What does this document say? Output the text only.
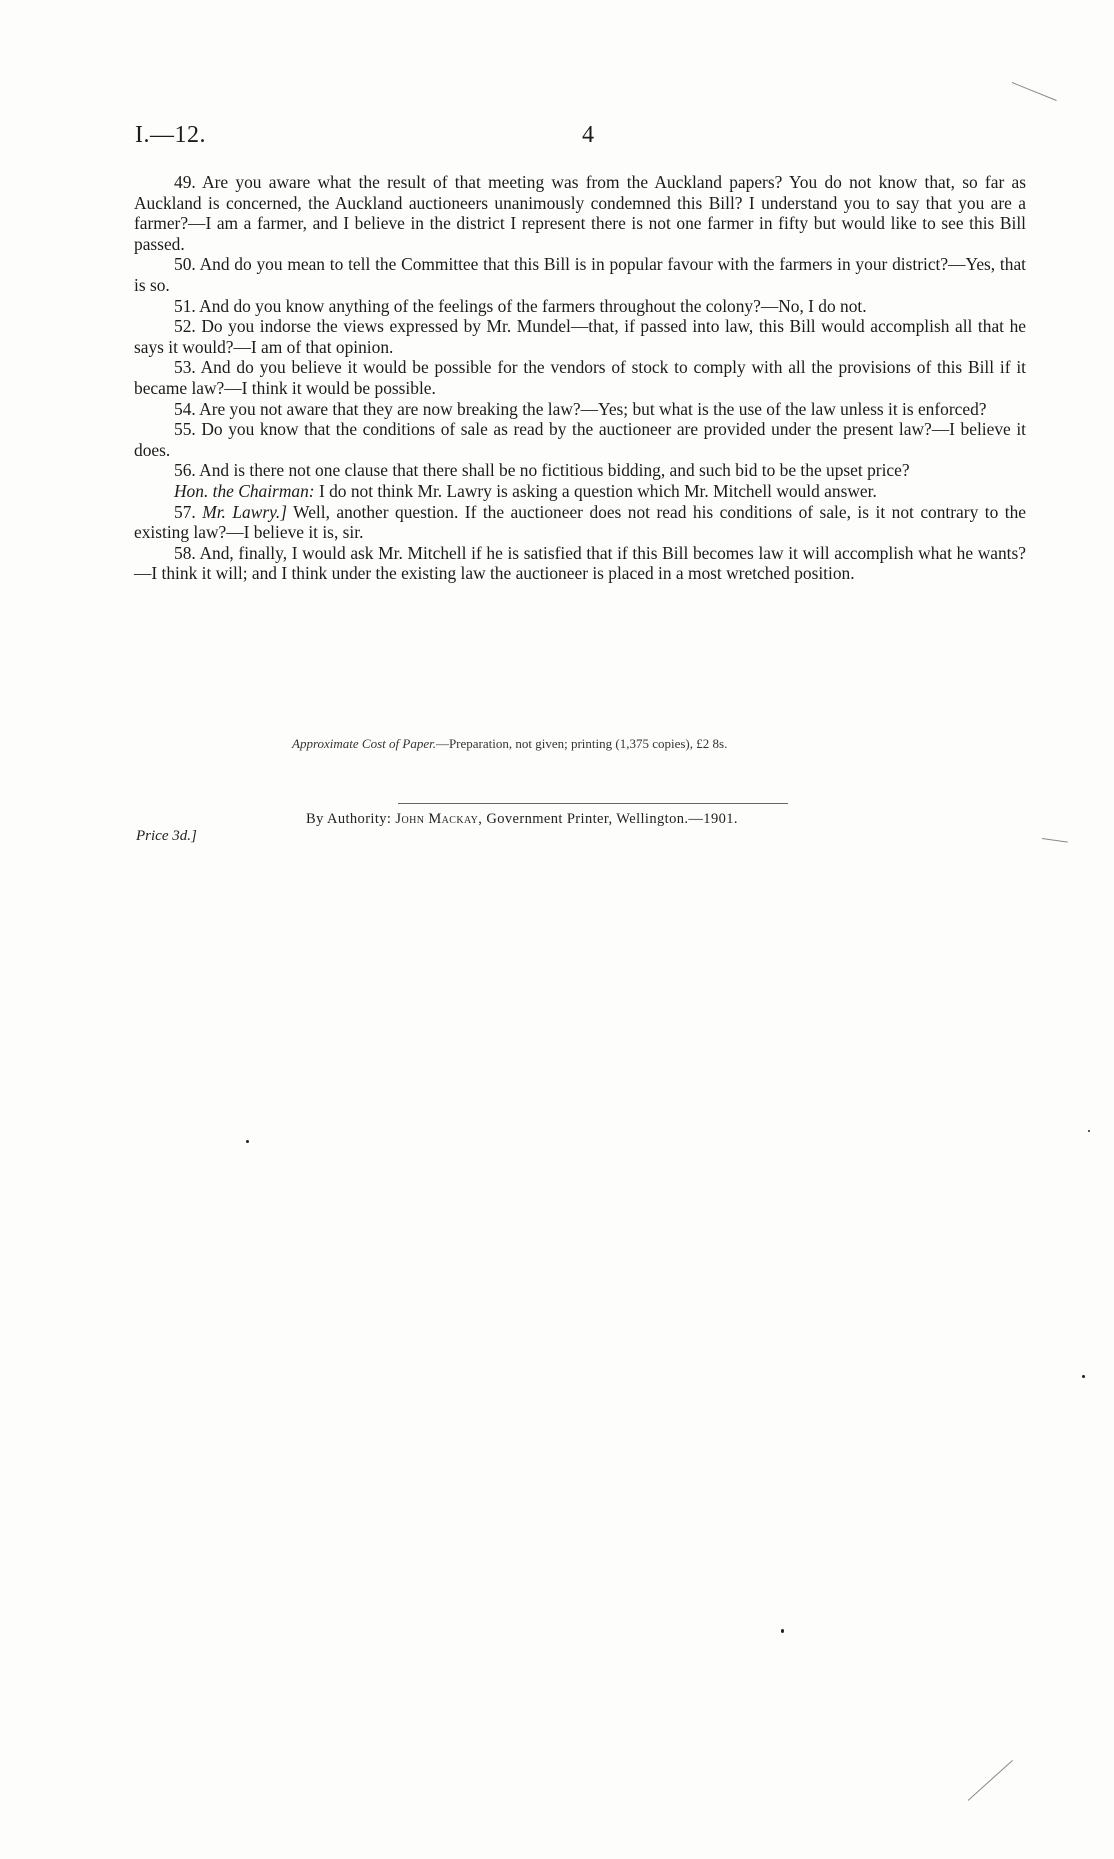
I.—12.	4

49. Are you aware what the result of that meeting was from the Auckland papers? You do not know that, so far as Auckland is concerned, the Auckland auctioneers unanimously condemned this Bill? I understand you to say that you are a farmer?—I am a farmer, and I believe in the district I represent there is not one farmer in fifty but would like to see this Bill passed.

50. And do you mean to tell the Committee that this Bill is in popular favour with the farmers in your district?—Yes, that is so.

51. And do you know anything of the feelings of the farmers throughout the colony?—No, I do not.

52. Do you indorse the views expressed by Mr. Mundel—that, if passed into law, this Bill would accomplish all that he says it would?—I am of that opinion.

53. And do you believe it would be possible for the vendors of stock to comply with all the provisions of this Bill if it became law?—I think it would be possible.

54. Are you not aware that they are now breaking the law?—Yes; but what is the use of the law unless it is enforced?

55. Do you know that the conditions of sale as read by the auctioneer are provided under the present law?—I believe it does.

56. And is there not one clause that there shall be no fictitious bidding, and such bid to be the upset price?

Hon. the Chairman: I do not think Mr. Lawry is asking a question which Mr. Mitchell would answer.

57. Mr. Lawry.] Well, another question. If the auctioneer does not read his conditions of sale, is it not contrary to the existing law?—I believe it is, sir.

58. And, finally, I would ask Mr. Mitchell if he is satisfied that if this Bill becomes law it will accomplish what he wants?—I think it will; and I think under the existing law the auctioneer is placed in a most wretched position.

Approximate Cost of Paper.—Preparation, not given; printing (1,375 copies), £2 8s.
By Authority: John Mackay, Government Printer, Wellington.—1901.
Price 3d.]
